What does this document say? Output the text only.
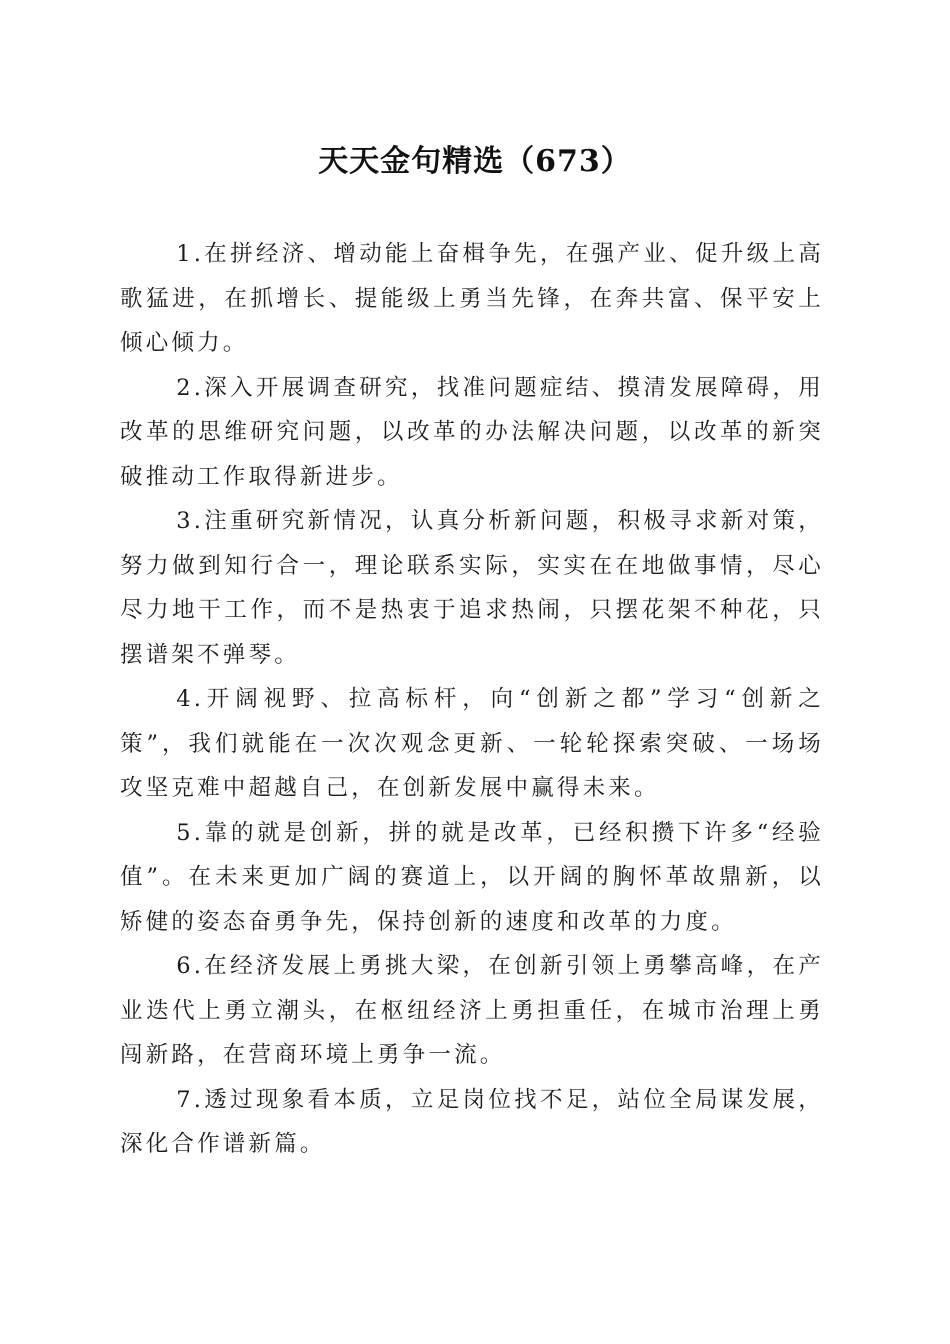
天天金句精选（673）

1.在拼经济、增动能上奋楫争先，在强产业、促升级上高歌猛进，在抓增长、提能级上勇当先锋，在奔共富、保平安上倾心倾力。

2.深入开展调查研究，找准问题症结、摸清发展障碍，用改革的思维研究问题，以改革的办法解决问题，以改革的新突破推动工作取得新进步。

3.注重研究新情况，认真分析新问题，积极寻求新对策，努力做到知行合一，理论联系实际，实实在在地做事情，尽心尽力地干工作，而不是热衷于追求热闹，只摆花架不种花，只摆谱架不弹琴。

4.开阔视野、拉高标杆，向“创新之都”学习“创新之策”，我们就能在一次次观念更新、一轮轮探索突破、一场场攻坚克难中超越自己，在创新发展中赢得未来。

5.靠的就是创新，拼的就是改革，已经积攒下许多“经验值”。在未来更加广阔的赛道上，以开阔的胸怀革故鼎新，以矫健的姿态奋勇争先，保持创新的速度和改革的力度。

6.在经济发展上勇挑大梁，在创新引领上勇攀高峰，在产业迭代上勇立潮头，在枢纽经济上勇担重任，在城市治理上勇闯新路，在营商环境上勇争一流。

7.透过现象看本质，立足岗位找不足，站位全局谋发展，深化合作谱新篇。
